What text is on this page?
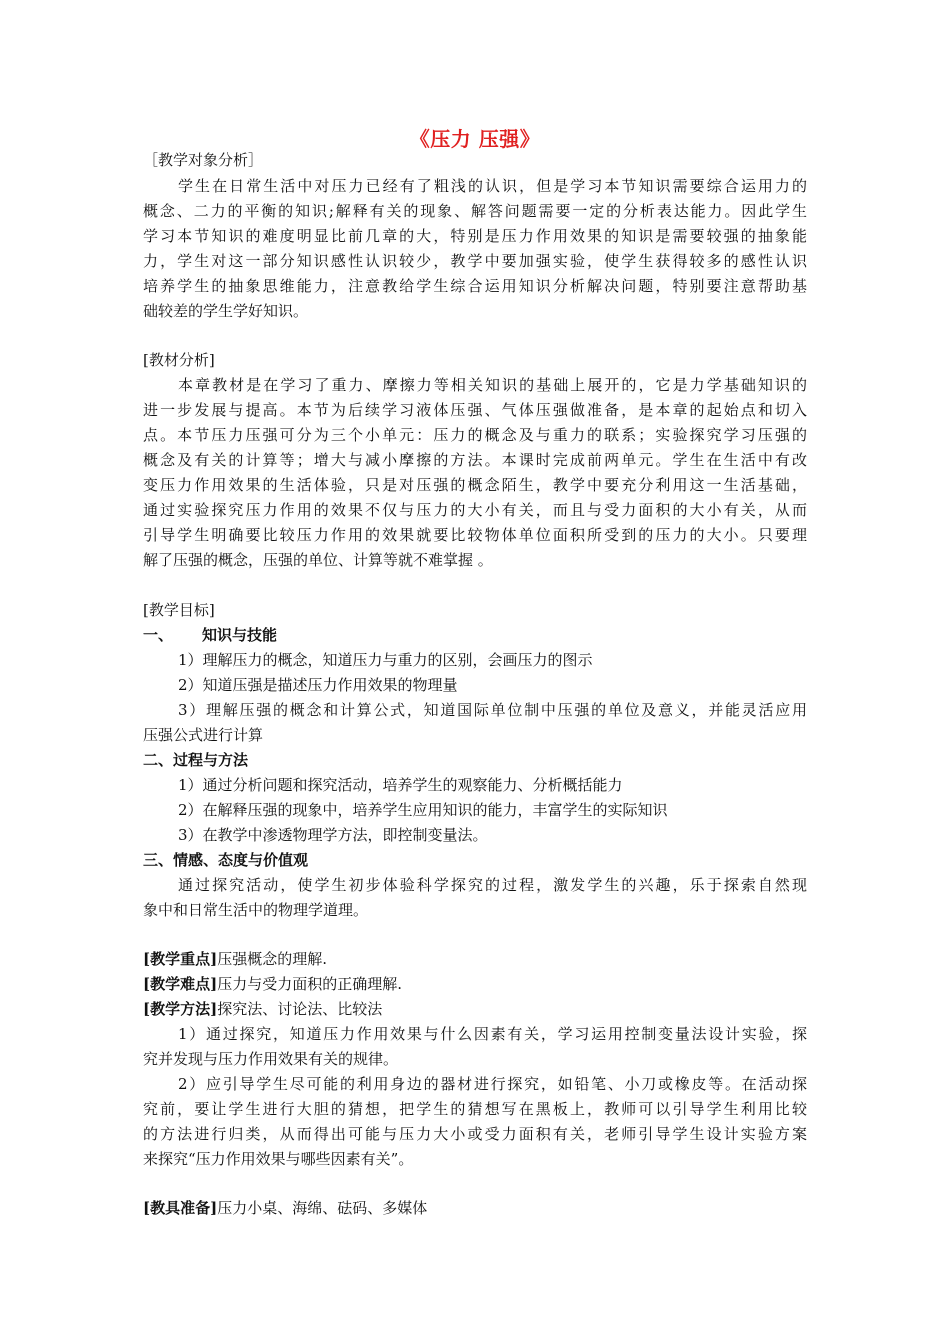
《压力 压强》
［教学对象分析］
学生在日常生活中对压力已经有了粗浅的认识，但是学习本节知识需要综合运用力的
概念、二力的平衡的知识;解释有关的现象、解答问题需要一定的分析表达能力。因此学生
学习本节知识的难度明显比前几章的大，特别是压力作用效果的知识是需要较强的抽象能
力，学生对这一部分知识感性认识较少，教学中要加强实验，使学生获得较多的感性认识
培养学生的抽象思维能力，注意教给学生综合运用知识分析解决问题，特别要注意帮助基
础较差的学生学好知识。
[教材分析]
本章教材是在学习了重力、摩擦力等相关知识的基础上展开的，它是力学基础知识的
进一步发展与提高。本节为后续学习液体压强、气体压强做准备，是本章的起始点和切入
点。本节压力压强可分为三个小单元：压力的概念及与重力的联系；实验探究学习压强的
概念及有关的计算等；增大与减小摩擦的方法。本课时完成前两单元。学生在生活中有改
变压力作用效果的生活体验，只是对压强的概念陌生，教学中要充分利用这一生活基础，
通过实验探究压力作用的效果不仅与压力的大小有关，而且与受力面积的大小有关，从而
引导学生明确要比较压力作用的效果就要比较物体单位面积所受到的压力的大小。只要理
解了压强的概念，压强的单位、计算等就不难掌握 。
[教学目标]
一、	知识与技能
1）理解压力的概念，知道压力与重力的区别，会画压力的图示
2）知道压强是描述压力作用效果的物理量
3）理解压强的概念和计算公式，知道国际单位制中压强的单位及意义，并能灵活应用
压强公式进行计算
二、过程与方法
1）通过分析问题和探究活动，培养学生的观察能力、分析概括能力
2）在解释压强的现象中，培养学生应用知识的能力，丰富学生的实际知识
3）在教学中渗透物理学方法，即控制变量法。
三、情感、态度与价值观
通过探究活动，使学生初步体验科学探究的过程，激发学生的兴趣，乐于探索自然现
象中和日常生活中的物理学道理。
[教学重点]压强概念的理解.
[教学难点]压力与受力面积的正确理解.
[教学方法]探究法、讨论法、比较法
1）通过探究，知道压力作用效果与什么因素有关，学习运用控制变量法设计实验，探
究并发现与压力作用效果有关的规律。
2）应引导学生尽可能的利用身边的器材进行探究，如铅笔、小刀或橡皮等。在活动探
究前，要让学生进行大胆的猜想，把学生的猜想写在黑板上，教师可以引导学生利用比较
的方法进行归类，从而得出可能与压力大小或受力面积有关，老师引导学生设计实验方案
来探究“压力作用效果与哪些因素有关”。
[教具准备]压力小桌、海绵、砝码、多媒体
